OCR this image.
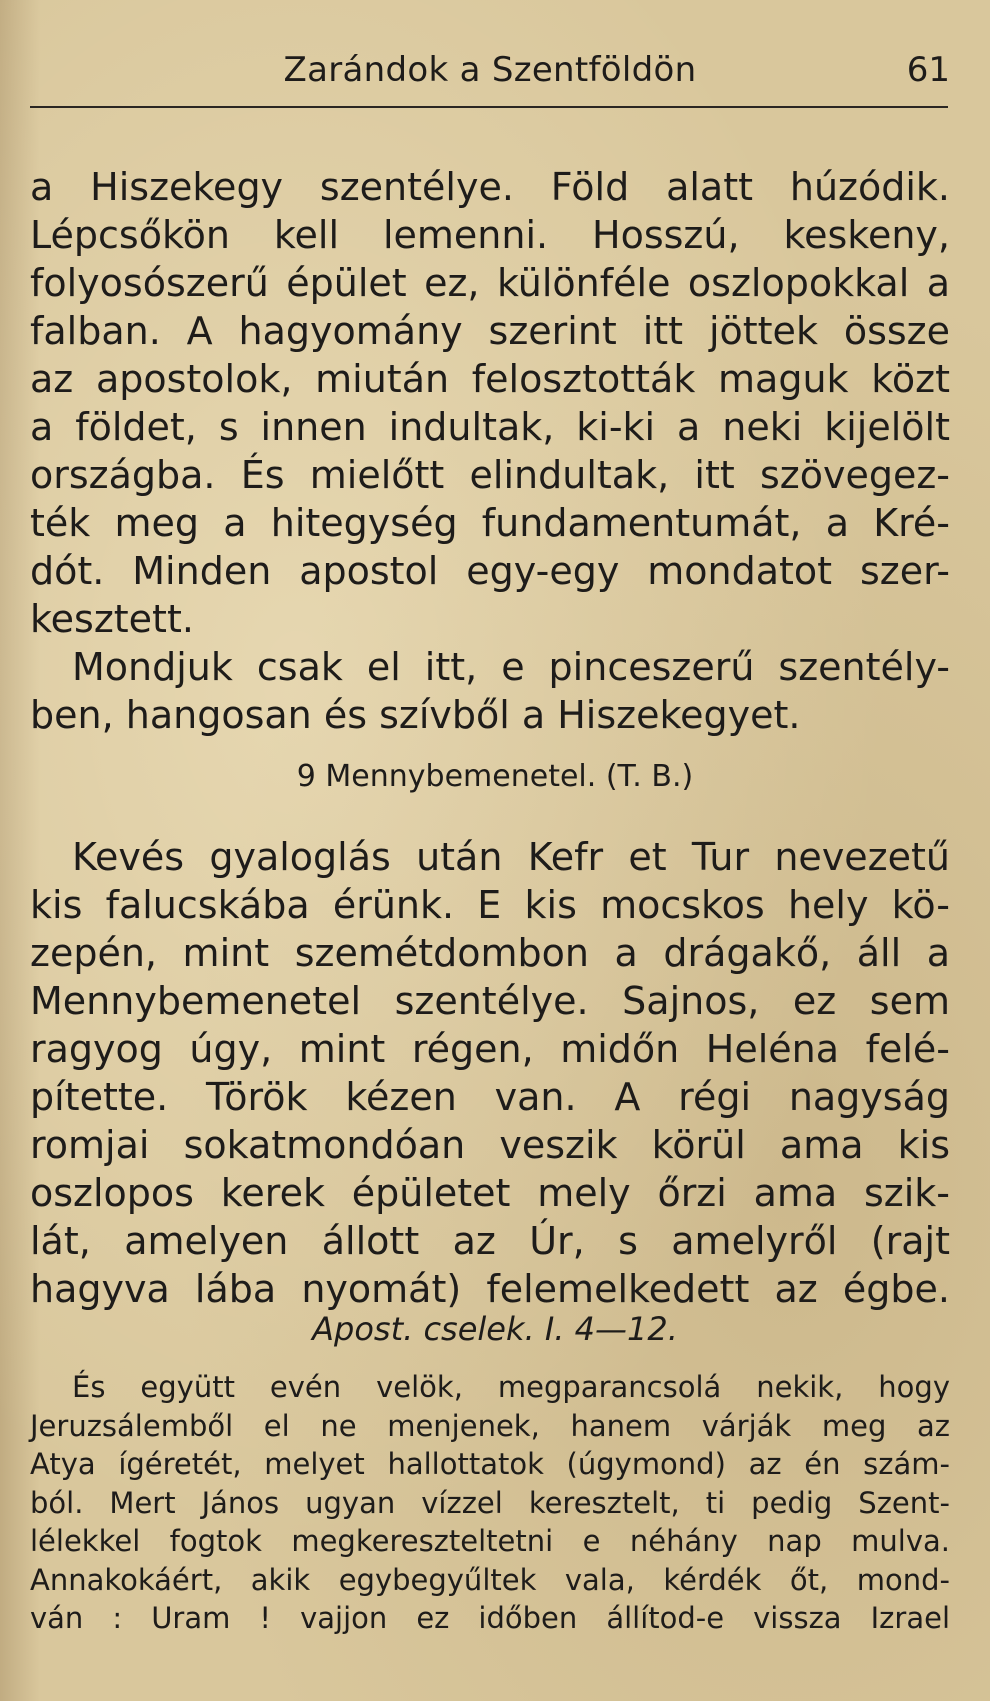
Zarándok a Szentföldön	61
a Hiszekegy szentélye. Föld alatt húzódik.
Lépcsőkön kell lemenni. Hosszú, keskeny,
folyosószerű épület ez, különféle oszlopokkal a
falban. A hagyomány szerint itt jöttek össze
az apostolok, miután felosztották maguk közt
a földet, s innen indultak, ki-ki a neki kijelölt
országba. És mielőtt elindultak, itt szövegez-
ték meg a hitegység fundamentumát, a Kré-
dót. Minden apostol egy-egy mondatot szer-
kesztett.
Mondjuk csak el itt, e pinceszerű szentély-
ben, hangosan és szívből a Hiszekegyet.
9 Mennybemenetel. (T. B.)
Kevés gyaloglás után Kefr et Tur nevezetű
kis falucskába érünk. E kis mocskos hely kö-
zepén, mint szemétdombon a drágakő, áll a
Mennybemenetel szentélye. Sajnos, ez sem
ragyog úgy, mint régen, midőn Heléna felé-
pítette. Török kézen van. A régi nagyság
romjai sokatmondóan veszik körül ama kis
oszlopos kerek épületet mely őrzi ama szik-
lát, amelyen állott az Úr, s amelyről (rajt
hagyva lába nyomát) felemelkedett az égbe.
Apost. cselek. I. 4—12.
És együtt evén velök, megparancsolá nekik, hogy
Jeruzsálemből el ne menjenek, hanem várják meg az
Atya ígéretét, melyet hallottatok (úgymond) az én szám-
ból. Mert János ugyan vízzel keresztelt, ti pedig Szent-
lélekkel fogtok megkereszteltetni e néhány nap mulva.
Annakokáért, akik egybegyűltek vala, kérdék őt, mond-
ván : Uram ! vajjon ez időben állítod-e vissza Izrael
